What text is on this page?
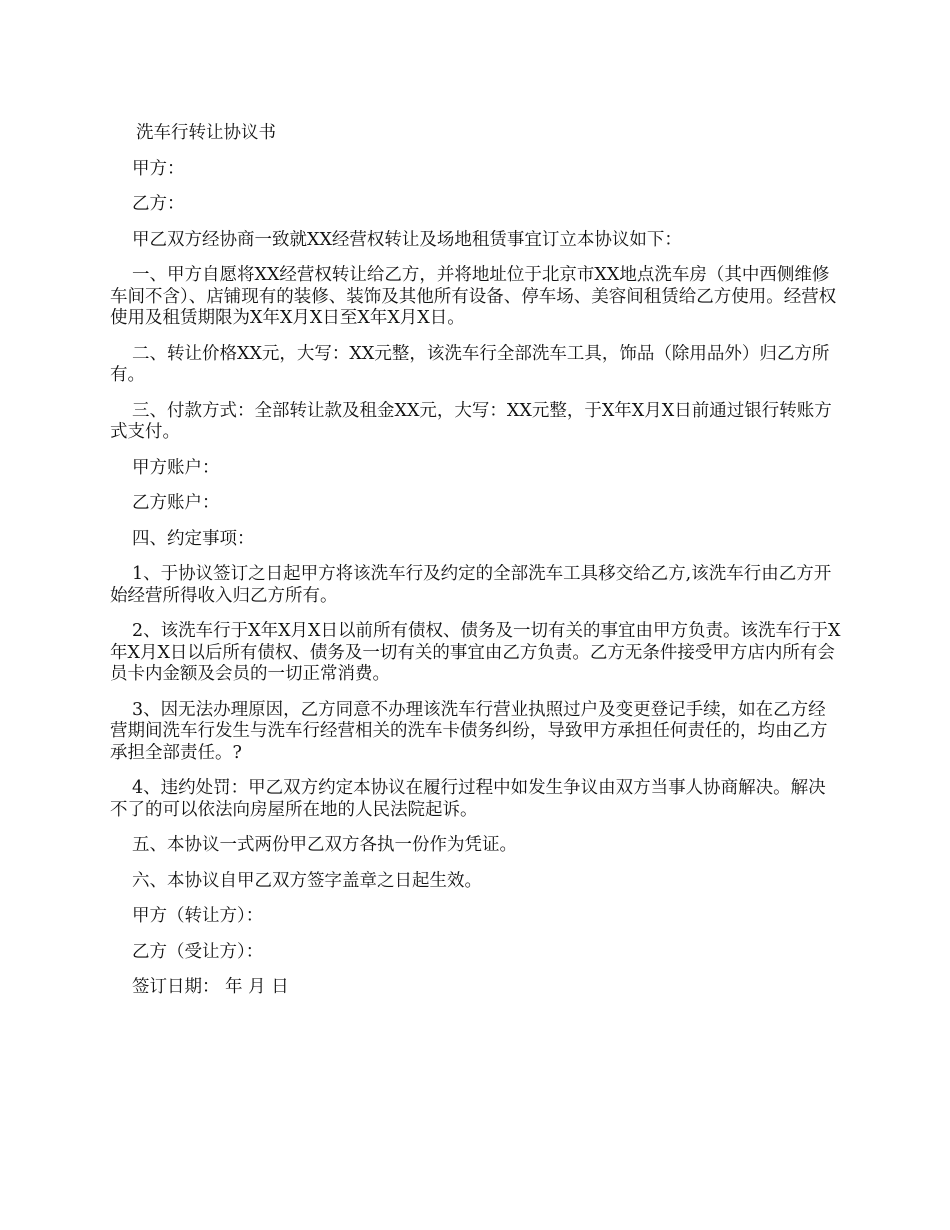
洗车行转让协议书

甲方：

乙方：

甲乙双方经协商一致就XX经营权转让及场地租赁事宜订立本协议如下：

一、甲方自愿将XX经营权转让给乙方，并将地址位于北京市XX地点洗车房（其中西侧维修车间不含）、店铺现有的装修、装饰及其他所有设备、停车场、美容间租赁给乙方使用。经营权使用及租赁期限为X年X月X日至X年X月X日。

二、转让价格XX元，大写：XX元整，该洗车行全部洗车工具，饰品（除用品外）归乙方所有。

三、付款方式：全部转让款及租金XX元，大写：XX元整，于X年X月X日前通过银行转账方式支付。

甲方账户：

乙方账户：

四、约定事项：

1、于协议签订之日起甲方将该洗车行及约定的全部洗车工具移交给乙方,该洗车行由乙方开始经营所得收入归乙方所有。

2、该洗车行于X年X月X日以前所有债权、债务及一切有关的事宜由甲方负责。该洗车行于X年X月X日以后所有债权、债务及一切有关的事宜由乙方负责。乙方无条件接受甲方店内所有会员卡内金额及会员的一切正常消费。

3、因无法办理原因，乙方同意不办理该洗车行营业执照过户及变更登记手续，如在乙方经营期间洗车行发生与洗车行经营相关的洗车卡债务纠纷，导致甲方承担任何责任的，均由乙方承担全部责任。?

4、违约处罚：甲乙双方约定本协议在履行过程中如发生争议由双方当事人协商解决。解决不了的可以依法向房屋所在地的人民法院起诉。

五、本协议一式两份甲乙双方各执一份作为凭证。

六、本协议自甲乙双方签字盖章之日起生效。

甲方（转让方）：

乙方（受让方）：

签订日期： 年 月 日
